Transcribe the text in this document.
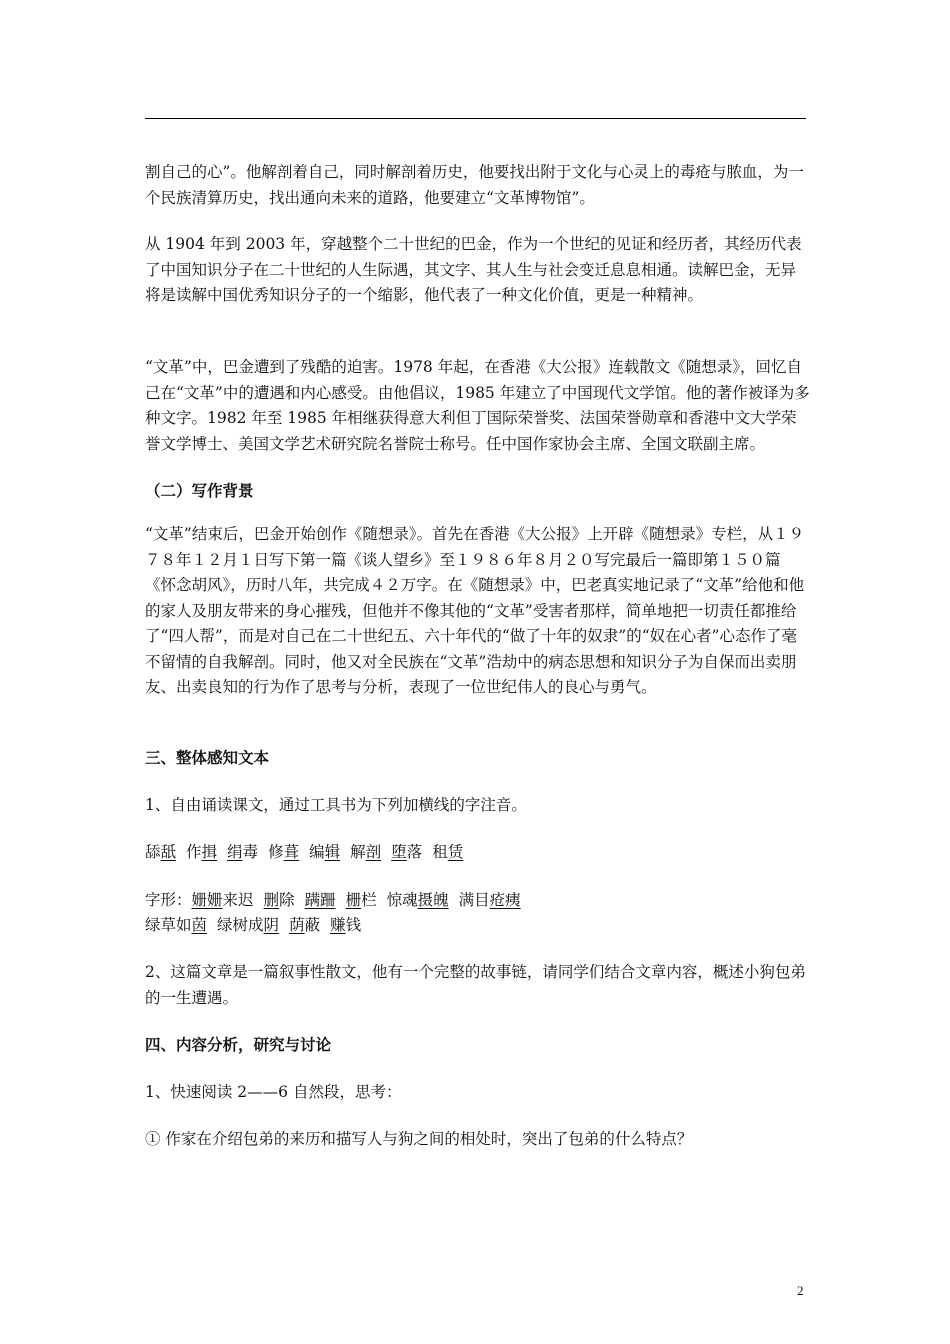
割自己的心”。他解剖着自己，同时解剖着历史，他要找出附于文化与心灵上的毒疮与脓血，为一个民族清算历史，找出通向未来的道路，他要建立“文革博物馆”。

从 1904 年到 2003 年，穿越整个二十世纪的巴金，作为一个世纪的见证和经历者，其经历代表了中国知识分子在二十世纪的人生际遇，其文字、其人生与社会变迁息息相通。读解巴金，无异将是读解中国优秀知识分子的一个缩影，他代表了一种文化价值，更是一种精神。

“文革”中，巴金遭到了残酷的迫害。1978 年起，在香港《大公报》连载散文《随想录》，回忆自己在“文革”中的遭遇和内心感受。由他倡议，1985 年建立了中国现代文学馆。他的著作被译为多种文字。1982 年至 1985 年相继获得意大利但丁国际荣誉奖、法国荣誉勋章和香港中文大学荣誉文学博士、美国文学艺术研究院名誉院士称号。任中国作家协会主席、全国文联副主席。

（二）写作背景

“文革”结束后，巴金开始创作《随想录》。首先在香港《大公报》上开辟《随想录》专栏，从１９７８年１２月１日写下第一篇《谈人望乡》至１９８６年８月２０写完最后一篇即第１５０篇《怀念胡风》，历时八年，共完成４２万字。在《随想录》中，巴老真实地记录了“文革”给他和他的家人及朋友带来的身心摧残，但他并不像其他的“文革”受害者那样，简单地把一切责任都推给了“四人帮”，而是对自己在二十世纪五、六十年代的“做了十年的奴隶”的“奴在心者”心态作了毫不留情的自我解剖。同时，他又对全民族在“文革”浩劫中的病态思想和知识分子为自保而出卖朋友、出卖良知的行为作了思考与分析，表现了一位世纪伟人的良心与勇气。

三、整体感知文本

1、自由诵读课文，通过工具书为下列加横线的字注音。

舔舐 作揖 绢毒 修葺 编辑 解剖 堕落 租赁

字形：姗姗来迟 删除 蹒跚 栅栏 惊魂摄魄 满目疮痍

绿草如茵 绿树成阴 荫蔽 赚钱

2、这篇文章是一篇叙事性散文，他有一个完整的故事链，请同学们结合文章内容，概述小狗包弟的一生遭遇。

四、内容分析，研究与讨论

1、快速阅读 2——6 自然段，思考：

① 作家在介绍包弟的来历和描写人与狗之间的相处时，突出了包弟的什么特点？

2
